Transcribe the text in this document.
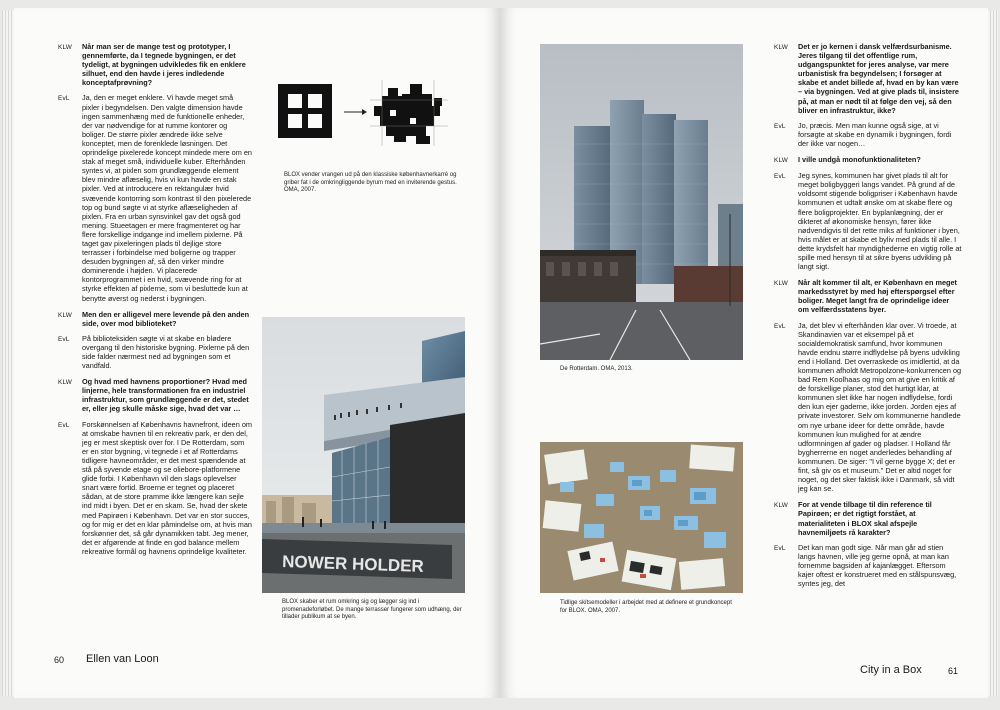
KLW	Når man ser de mange test og prototyper, I gennemførte, da I tegnede bygningen, er det tydeligt, at bygningen udvikledes fik en enklere silhuet, end den havde i jeres indledende konceptafprøvning?
EvL	Ja, den er meget enklere. Vi havde meget små pixler i begyndelsen. Den valgte dimension havde ingen sammenhæng med de funktionelle enheder, der var nødvendige for at rumme kontorer og boliger. De større pixler ændrede ikke selve konceptet, men de forenklede løsningen. Det oprindelige pixelerede koncept mindede mere om en stak af meget små, individuelle kuber. Efterhånden syntes vi, at pixlen som grundlæggende element blev mindre aflæselig, hvis vi kun havde en stak pixler. Ved at introducere en rektangulær hvid svævende kontorring som kontrast til den pixelerede top og bund søgte vi at styrke aflæseligheden af pixlen. Fra en urban synsvinkel gav det også god mening. Stueetagen er mere fragmenteret og har flere forskellige indgange ind imellem pixlerne. På taget gav pixeleringen plads til dejlige store terrasser i forbindelse med boligerne og trapper desuden bygningen af, så den virker mindre dominerende i højden. Vi placerede kontorprogrammet i en hvid, svævende ring for at styrke effekten af pixlerne, som vi besluttede kun at benytte øverst og nederst i bygningen.
KLW	Men den er alligevel mere levende på den anden side, over mod biblioteket?
EvL	På biblioteksiden søgte vi at skabe en blødere overgang til den historiske bygning. Pixlerne på den side falder nærmest ned ad bygningen som et vandfald.
KLW	Og hvad med havnens proportioner? Hvad med linjerne, hele transformationen fra en industriel infrastruktur, som grundlæggende er det, stedet er, eller jeg skulle måske sige, hvad det var …
EvL	Forskønnelsen af Københavns havnefront, ideen om at omskabe havnen til en rekreativ park, er den del, jeg er mest skeptisk over for. I De Rotterdam, som er en stor bygning, vi tegnede i et af Rotterdams tidligere havneområder, er det mest spændende at stå på syvende etage og se oliebore-platformene glide forbi. I København vil den slags oplevelser snart være fortid. Broerne er tegnet og placeret sådan, at de store pramme ikke længere kan sejle ind midt i byen. Det er en skam. Se, hvad der skete med Papirøen i København. Det var en stor succes, og for mig er det en klar påmindelse om, at hvis man forskønner det, så går dynamikken tabt. Jeg mener, det er afgørende at finde en god balance mellem rekreative formål og havnens oprindelige kvaliteter.
BLOX vender vrangen ud på den klassiske københavnerkarré og griber fat i de omkringliggende byrum med en inviterende gestus. OMA, 2007.
NOWER HOLDER
BLOX skaber et rum omkring sig og lægger sig ind i promenadeforløbet. De mange terrasser fungerer som udhæng, der tillader publikum at se byen.
60 Ellen van Loon
De Rotterdam. OMA, 2013.
Tidlige skitsemodeller i arbejdet med at definere et grundkoncept for BLOX. OMA, 2007.
KLW	Det er jo kernen i dansk velfærdsurbanisme. Jeres tilgang til det offentlige rum, udgangspunktet for jeres analyse, var mere urbanistisk fra begyndelsen; I forsøger at skabe et andet billede af, hvad en by kan være – via bygningen. Ved at give plads til, insistere på, at man er nødt til at følge den vej, så den bliver en infrastruktur, ikke?
EvL	Jo, præcis. Men man kunne også sige, at vi forsøgte at skabe en dynamik i bygningen, fordi der ikke var nogen…
KLW	I ville undgå monofunktionaliteten?
EvL	Jeg synes, kommunen har givet plads til alt for meget boligbyggeri langs vandet. På grund af de voldsomt stigende boligpriser i København havde kommunen et udtalt ønske om at skabe flere og flere boligprojekter. En byplanlægning, der er dikteret af økonomiske hensyn, fører ikke nødvendigvis til det rette miks af funktioner i byen, hvis målet er at skabe et byliv med plads til alle. I dette krydsfelt har myndighederne en vigtig rolle at spille med hensyn til at sikre byens udvikling på langt sigt.
KLW	Når alt kommer til alt, er København en meget markedsstyret by med høj efterspørgsel efter boliger. Meget langt fra de oprindelige ideer om velfærdsstatens byer.
EvL	Ja, det blev vi efterhånden klar over. Vi troede, at Skandinavien var et eksempel på et socialdemokratisk samfund, hvor kommunen havde endnu større indflydelse på byens udvikling end i Holland. Det overraskede os imidlertid, at da kommunen afholdt Metropolzone-konkurrencen og bad Rem Koolhaas og mig om at give en kritik af de forskellige planer, stod det hurtigt klar, at kommunen slet ikke har nogen indflydelse, fordi den kun ejer gaderne, ikke jorden. Jorden ejes af private investorer. Selv om kommunerne handlede om nye urbane ideer for dette område, havde kommunen kun mulighed for at ændre udformningen af gader og pladser. I Holland får bygherrerne en noget anderledes behandling af kommunen. De siger: "I vil gerne bygge X; det er fint, så giv os et museum." Det er altid noget for noget, og det sker faktisk ikke i Danmark, så vidt jeg kan se.
KLW	For at vende tilbage til din reference til Papirøen; er det rigtigt forstået, at materialiteten i BLOX skal afspejle havnemiljøets rå karakter?
EvL	Det kan man godt sige. Når man går ad stien langs havnen, ville jeg gerne opnå, at man kan fornemme bagsiden af kajanlægget. Eftersom kajer oftest er konstrueret med en stålspunsvæg, syntes jeg, det
City in a Box	61
